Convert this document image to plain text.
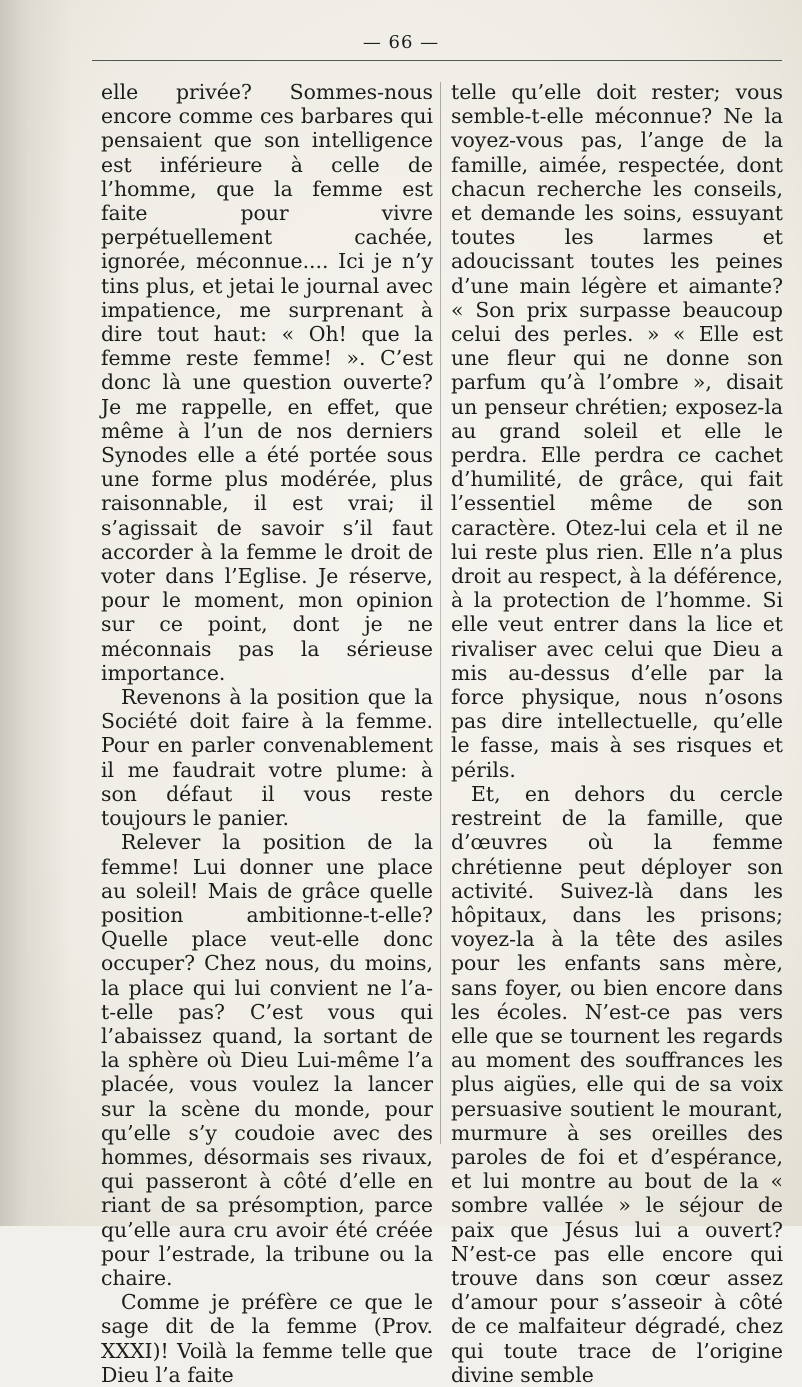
— 66 —

elle privée? Sommes-nous encore comme ces barbares qui pensaient que son intelligence est inférieure à celle de l’homme, que la femme est faite pour vivre perpétuellement cachée, ignorée, méconnue.... Ici je n’y tins plus, et jetai le journal avec impatience, me surprenant à dire tout haut: « Oh! que la femme reste femme! ». C’est donc là une question ouverte? Je me rappelle, en effet, que même à l’un de nos derniers Synodes elle a été portée sous une forme plus modérée, plus raisonnable, il est vrai; il s’agissait de savoir s’il faut accorder à la femme le droit de voter dans l’Eglise. Je réserve, pour le moment, mon opinion sur ce point, dont je ne méconnais pas la sérieuse importance.

Revenons à la position que la Société doit faire à la femme. Pour en parler convenablement il me faudrait votre plume: à son défaut il vous reste toujours le panier.

Relever la position de la femme! Lui donner une place au soleil! Mais de grâce quelle position ambitionne-t-elle? Quelle place veut-elle donc occuper? Chez nous, du moins, la place qui lui convient ne l’a-t-elle pas? C’est vous qui l’abaissez quand, la sortant de la sphère où Dieu Lui-même l’a placée, vous voulez la lancer sur la scène du monde, pour qu’elle s’y coudoie avec des hommes, désormais ses rivaux, qui passeront à côté d’elle en riant de sa présomption, parce qu’elle aura cru avoir été créée pour l’estrade, la tribune ou la chaire.

Comme je préfère ce que le sage dit de la femme (Prov. XXXI)! Voilà la femme telle que Dieu l’a faite

telle qu’elle doit rester; vous semble-t-elle méconnue? Ne la voyez-vous pas, l’ange de la famille, aimée, respectée, dont chacun recherche les conseils, et demande les soins, essuyant toutes les larmes et adoucissant toutes les peines d’une main légère et aimante? « Son prix surpasse beaucoup celui des perles. » « Elle est une fleur qui ne donne son parfum qu’à l’ombre », disait un penseur chrétien; exposez-la au grand soleil et elle le perdra. Elle perdra ce cachet d’humilité, de grâce, qui fait l’essentiel même de son caractère. Otez-lui cela et il ne lui reste plus rien. Elle n’a plus droit au respect, à la déférence, à la protection de l’homme. Si elle veut entrer dans la lice et rivaliser avec celui que Dieu a mis au-dessus d’elle par la force physique, nous n’osons pas dire intellectuelle, qu’elle le fasse, mais à ses risques et périls.

Et, en dehors du cercle restreint de la famille, que d’œuvres où la femme chrétienne peut déployer son activité. Suivez-là dans les hôpitaux, dans les prisons; voyez-la à la tête des asiles pour les enfants sans mère, sans foyer, ou bien encore dans les écoles. N’est-ce pas vers elle que se tournent les regards au moment des souffrances les plus aigües, elle qui de sa voix persuasive soutient le mourant, murmure à ses oreilles des paroles de foi et d’espérance, et lui montre au bout de la « sombre vallée » le séjour de paix que Jésus lui a ouvert? N’est-ce pas elle encore qui trouve dans son cœur assez d’amour pour s’asseoir à côté de ce malfaiteur dégradé, chez qui toute trace de l’origine divine semble
